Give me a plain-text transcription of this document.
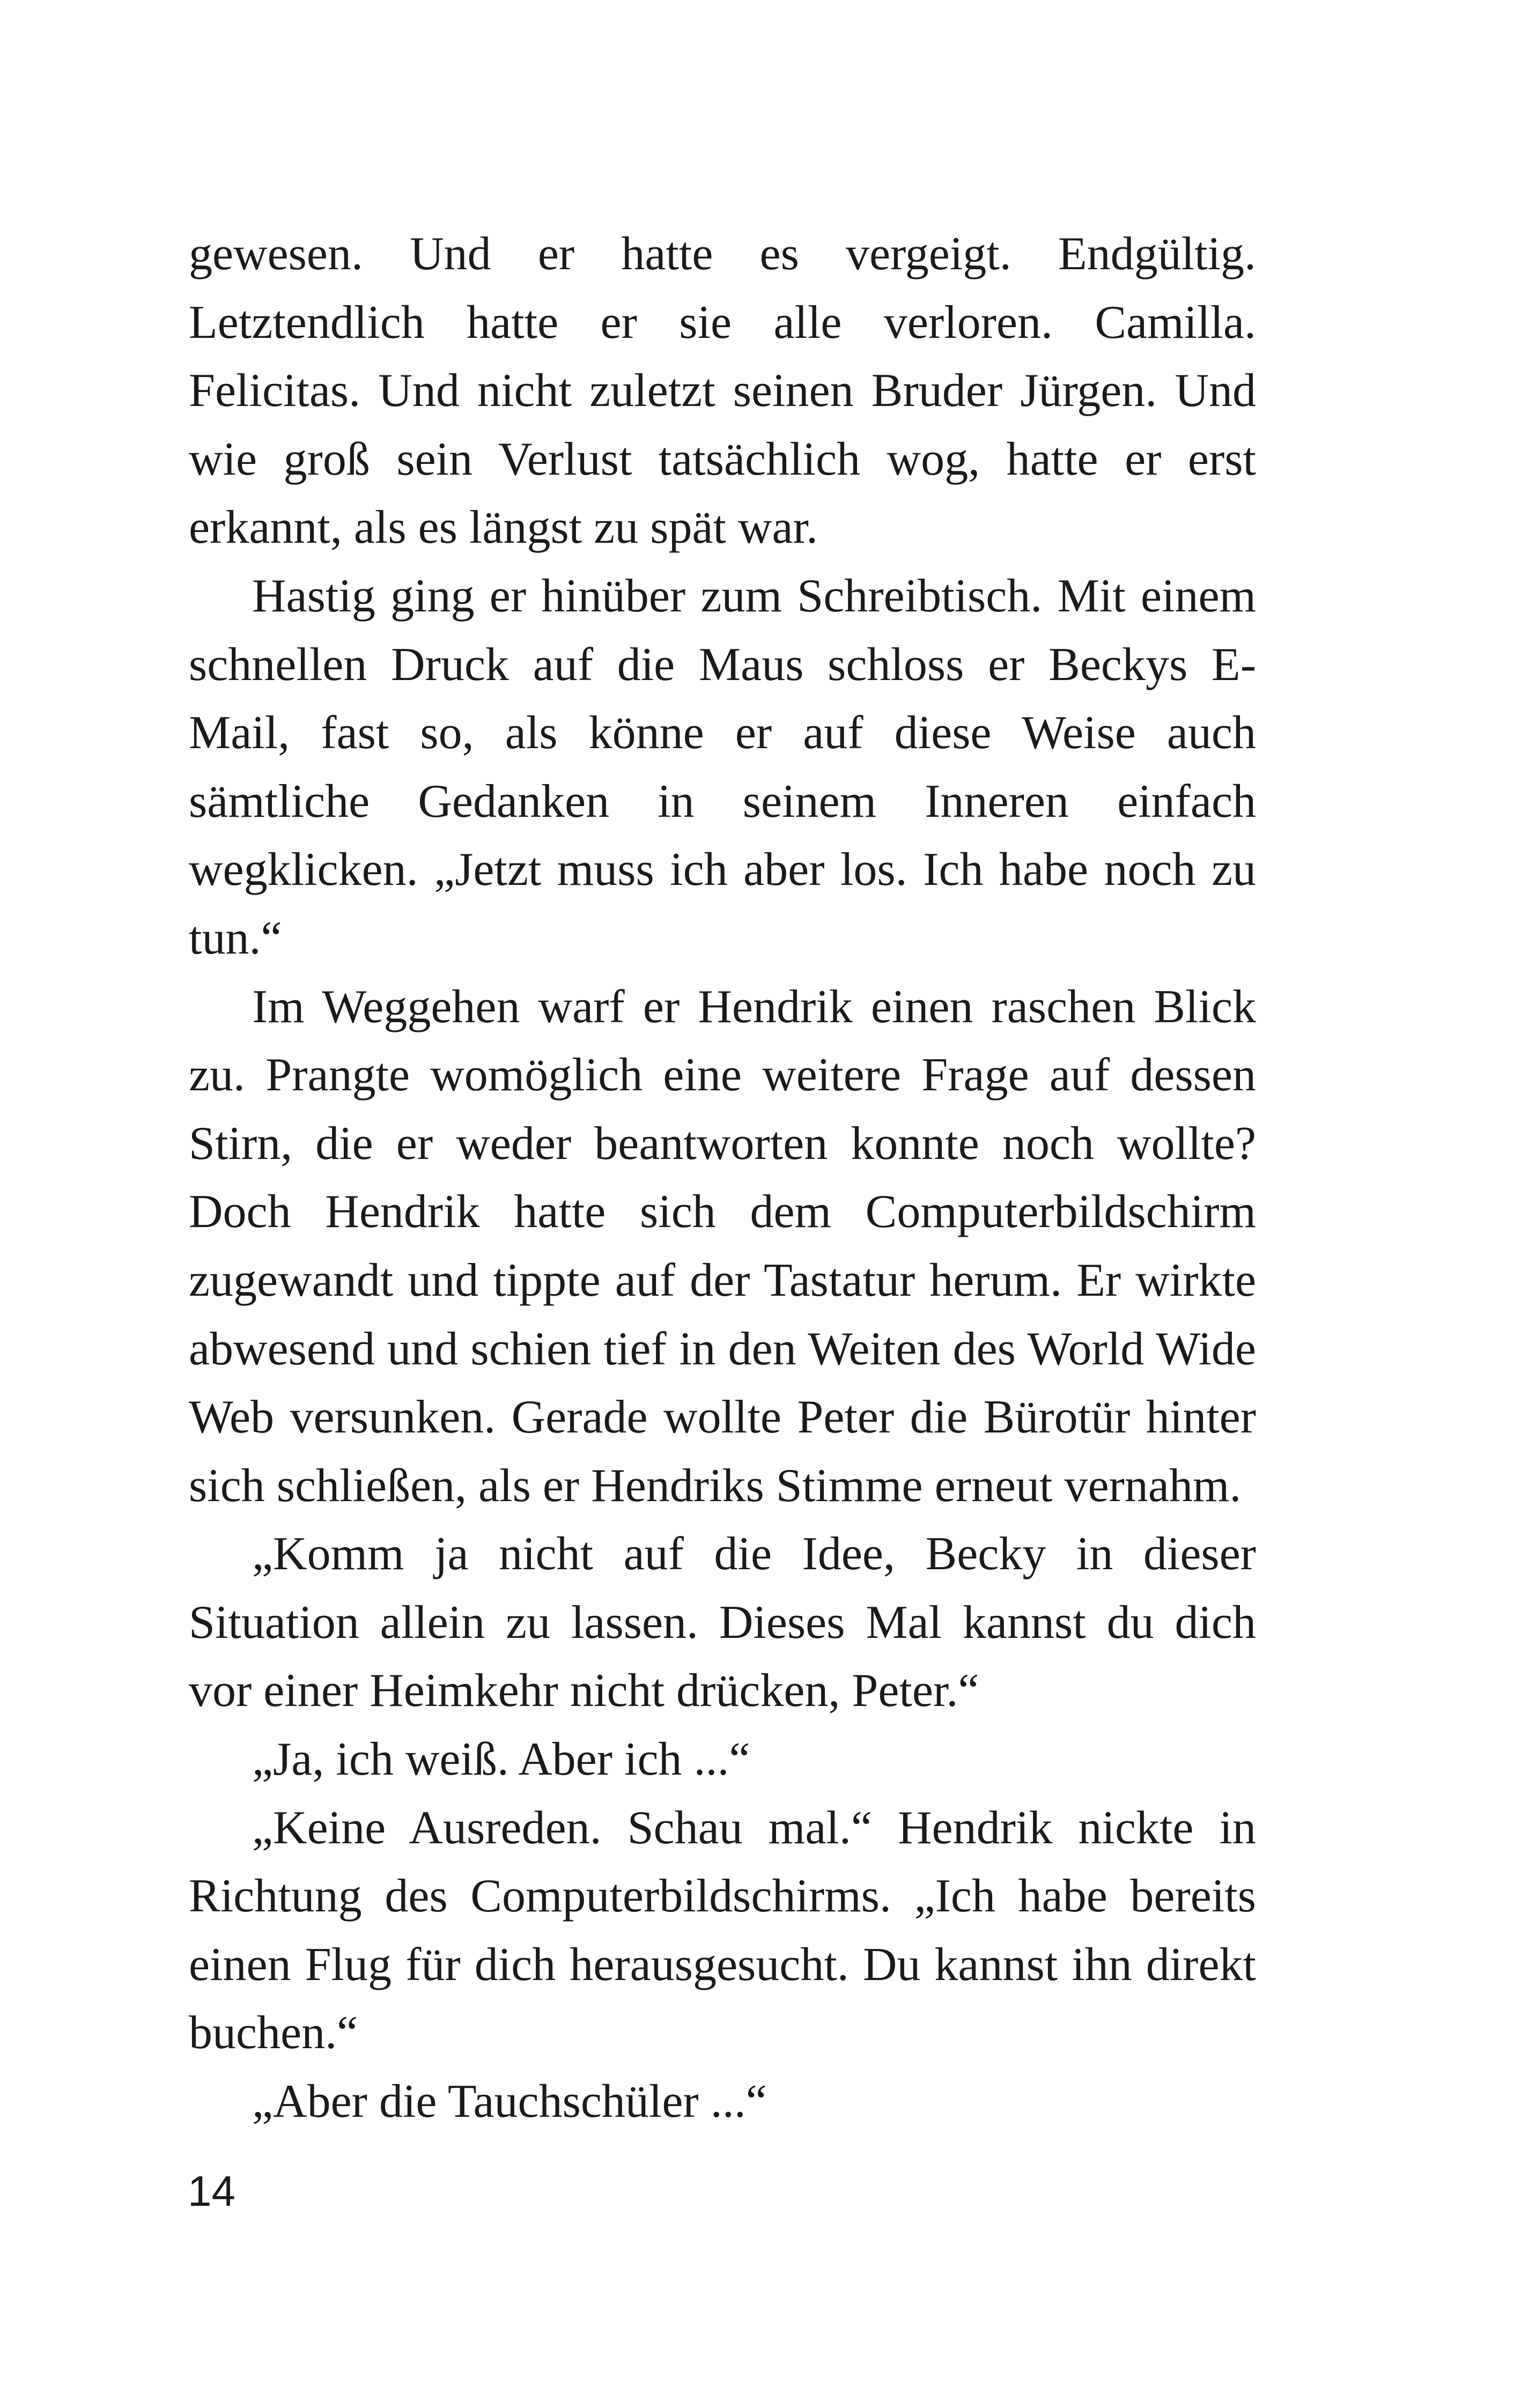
gewesen. Und er hatte es vergeigt. Endgültig. Letztendlich hatte er sie alle verloren. Camilla. Felicitas. Und nicht zuletzt seinen Bruder Jürgen. Und wie groß sein Verlust tatsächlich wog, hatte er erst erkannt, als es längst zu spät war.

Hastig ging er hinüber zum Schreibtisch. Mit einem schnellen Druck auf die Maus schloss er Beckys E-Mail, fast so, als könne er auf diese Weise auch sämtliche Gedanken in seinem Inneren einfach wegklicken. „Jetzt muss ich aber los. Ich habe noch zu tun.“

Im Weggehen warf er Hendrik einen raschen Blick zu. Prangte womöglich eine weitere Frage auf dessen Stirn, die er weder beantworten konnte noch wollte? Doch Hendrik hatte sich dem Computerbildschirm zugewandt und tippte auf der Tastatur herum. Er wirkte abwesend und schien tief in den Weiten des World Wide Web versunken. Gerade wollte Peter die Bürotür hinter sich schließen, als er Hendriks Stimme erneut vernahm.

„Komm ja nicht auf die Idee, Becky in dieser Situation allein zu lassen. Dieses Mal kannst du dich vor einer Heimkehr nicht drücken, Peter.“

„Ja, ich weiß. Aber ich ...“

„Keine Ausreden. Schau mal.“ Hendrik nickte in Richtung des Computerbildschirms. „Ich habe bereits einen Flug für dich herausgesucht. Du kannst ihn direkt buchen.“

„Aber die Tauchschüler ...“

14
